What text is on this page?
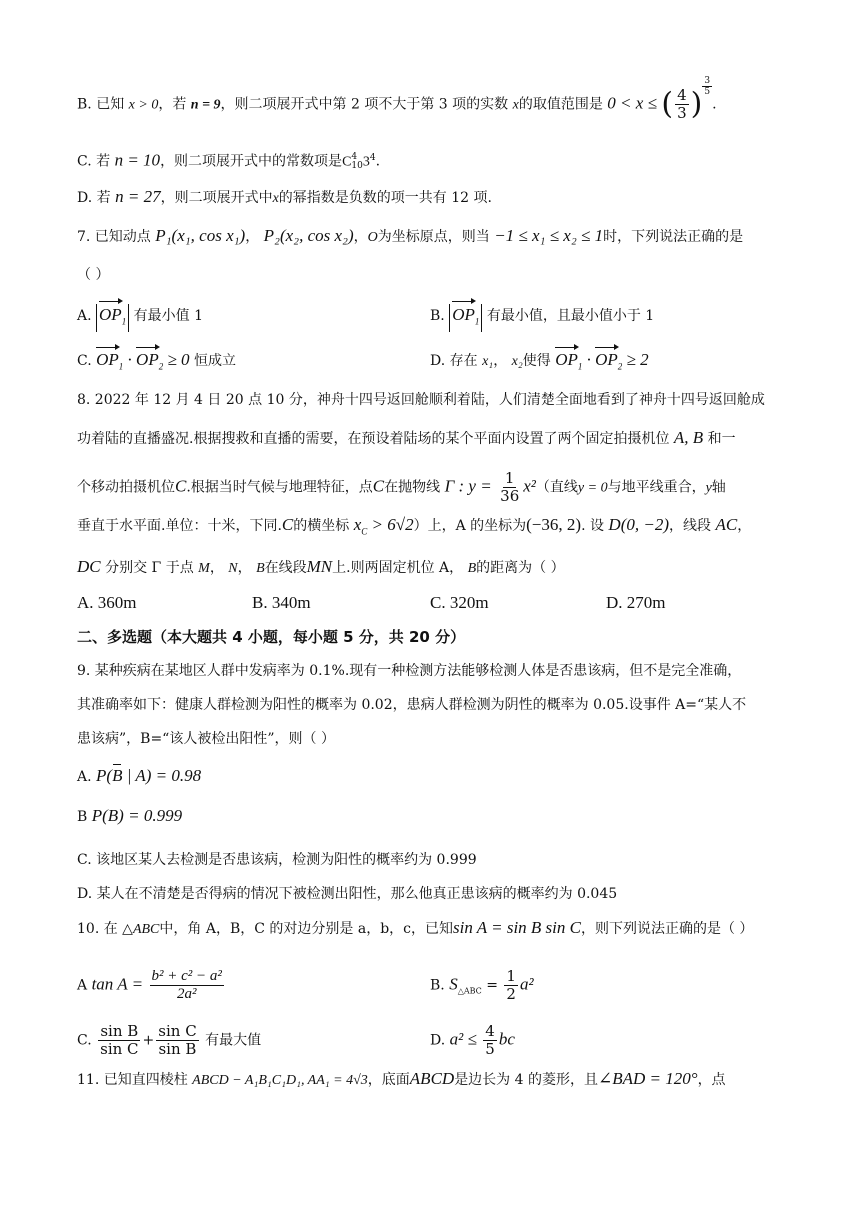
B. 已知 x > 0，若 n = 9，则二项展开式中第 2 项不大于第 3 项的实数 x的取值范围是 0 < x ≤ ( $\frac{4}{3}$ )
$^{\frac{3}{5}}$
.
C. 若 n = 10，则二项展开式中的常数项是C 4
10 $3^4$.
D. 若 n = 27，则二项展开式中x的幂指数是负数的项一共有 12 项.
7. 已知动点 P₁(x₁, cos x₁)， P₂(x₂, cos x₂)，O为坐标原点，则当 −1 ≤ x₁ ≤ x₂ ≤ 1时，下列说法正确的是
（ ）
A. $OP_1$ 有最小值 1	B. $OP_1$ 有最小值，且最小值小于 1
C. $OP_1 \cdot OP_2 \ge 0$ 恒成立	D. 存在 x₁， x₂使得 $OP_1 \cdot OP_2 \ge 2$
8. 2022 年 12 月 4 日 20 点 10 分，神舟十四号返回舱顺利着陆，人们清楚全面地看到了神舟十四号返回舱成
功着陆的直播盛况.根据搜救和直播的需要，在预设着陆场的某个平面内设置了两个固定拍摄机位 A, B 和一
个移动拍摄机位C.根据当时气候与地理特征，点C在抛物线 Γ : $y = \frac{1}{36} x^2$（直线y = 0与地平线重合，y轴
垂直于水平面.单位：十米，下同.C的横坐标 $x_C > 6√2$）上，A 的坐标为(−36, 2). 设 D(0, −2)，线段 AC，
DC 分别交 Γ 于点 M， N， B在线段MN上.则两固定机位 A， B的距离为（ ）
A. 360m	B. 340m	C. 320m	D. 270m
二、多选题（本大题共 4 小题，每小题 5 分，共 20 分）
9. 某种疾病在某地区人群中发病率为 0.1%.现有一种检测方法能够检测人体是否患该病，但不是完全准确，
其准确率如下：健康人群检测为阳性的概率为 0.02，患病人群检测为阴性的概率为 0.05.设事件 A=“某人不
患该病”，B=“该人被检出阳性”，则（ ）
A. P(B | A) = 0.98
B P(B) = 0.999
C. 该地区某人去检测是否患该病，检测为阳性的概率约为 0.999
D. 某人在不清楚是否得病的情况下被检测出阳性，那么他真正患该病的概率约为 0.045
10. 在 △ABC中，角 A，B，C 的对边分别是 a，b，c，已知sin A = sin B sin C，则下列说法正确的是（ ）
A $\tan A = \frac{\text{b² + c² − a²}}{\text{2a²}}$	B. $S_{\triangle ABC} = \frac{1}{2} a^2$
C. $\frac{\text{sin B}}{\text{sin C}} + \frac{\text{sin C}}{\text{sin B}}$ 有最大值	D. $a^2 \le \frac{4}{5}$ bc
11. 已知直四棱柱 ABCD − A₁B₁C₁D₁, AA₁ = 4√3，底面ABCD是边长为 4 的菱形，且∠BAD = 120°，点
